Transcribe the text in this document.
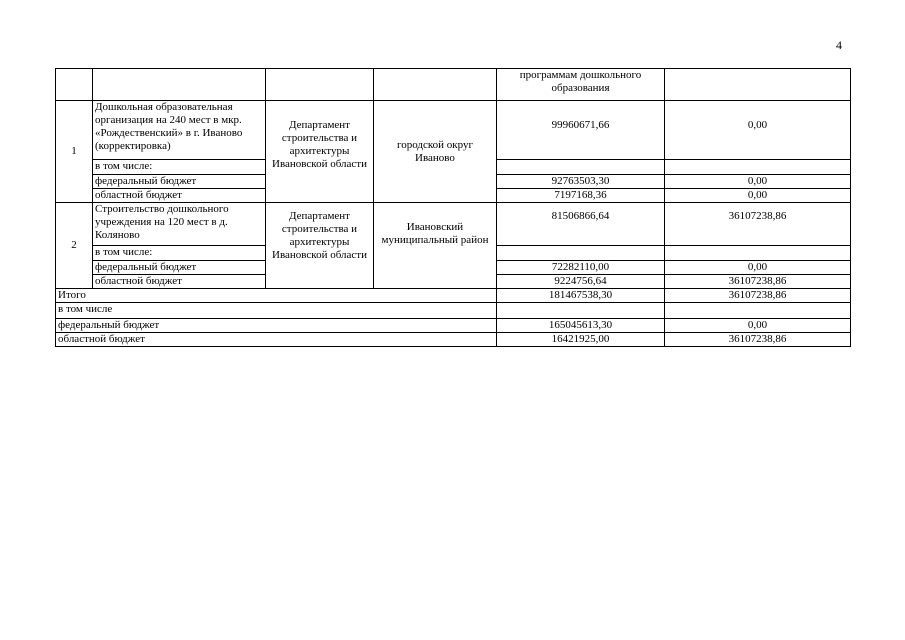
4
				программам дошкольного образования	
1	Дошкольная образовательная организация на 240 мест в мкр. «Рождественский» в г. Иваново (корректировка)	Департамент строительства и архитектуры Ивановской области	городской округ Иваново	99960671,66	0,00
	в том числе:				
	федеральный бюджет			92763503,30	0,00
	областной бюджет			7197168,36	0,00
2	Строительство дошкольного учреждения на 120 мест в д. Коляново	Департамент строительства и архитектуры Ивановской области	Ивановский муниципальный район	81506866,64	36107238,86
	в том числе:				
	федеральный бюджет			72282110,00	0,00
	областной бюджет			9224756,64	36107238,86
Итого				181467538,30	36107238,86
в том числе					
федеральный бюджет				165045613,30	0,00
областной бюджет				16421925,00	36107238,86
